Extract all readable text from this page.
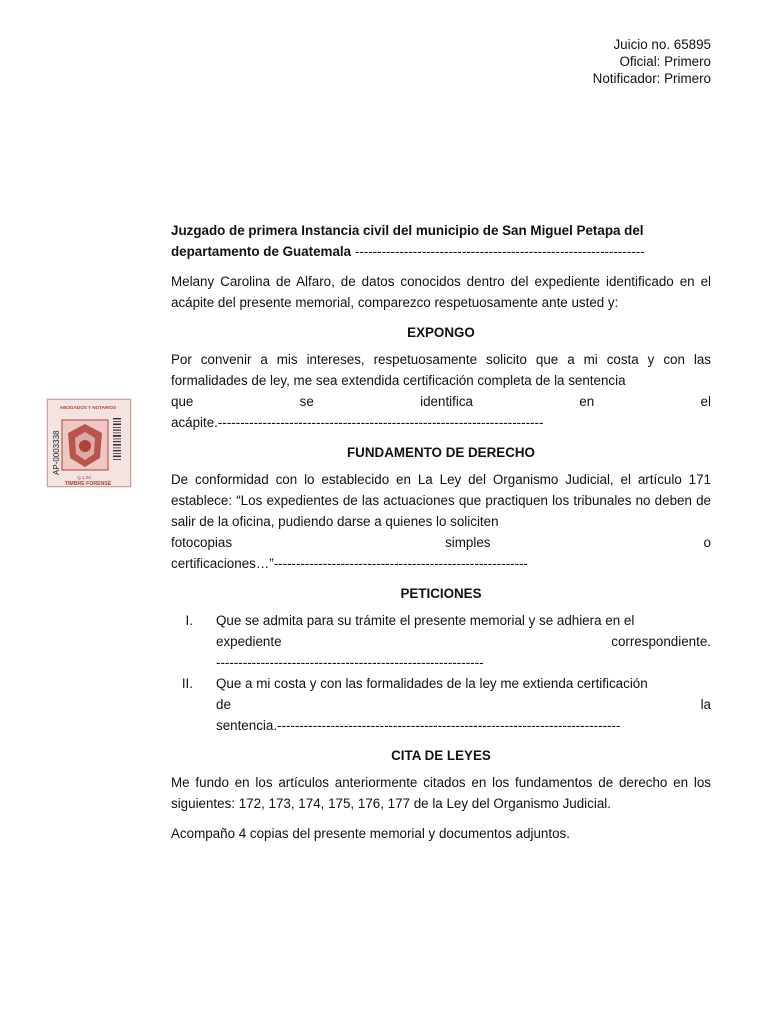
Juicio no. 65895
Oficial: Primero
Notificador: Primero
ABOGADOS Y NOTARIOS
AP-0003338
Q 1.00
TIMBRE FORENSE
Juzgado de primera Instancia civil del municipio de San Miguel Petapa del
departamento de Guatemala -----------------------------------------------------------------

Melany Carolina de Alfaro, de datos conocidos dentro del expediente identificado en el acápite del presente memorial, comparezco respetuosamente ante usted y:

EXPONGO

Por convenir a mis intereses, respetuosamente solicito que a mi costa y con las formalidades de ley, me sea extendida certificación completa de la sentencia

que	se	identifica	en	el
acápite.-------------------------------------------------------------------------

FUNDAMENTO DE DERECHO

De conformidad con lo establecido en La Ley del Organismo Judicial, el artículo 171 establece: “Los expedientes de las actuaciones que practiquen los tribunales no deben de salir de la oficina, pudiendo darse a quienes lo soliciten

fotocopias	simples	o
certificaciones…”---------------------------------------------------------

PETICIONES

I. Que se admita para su trámite el presente memorial y se adhiera en el
expediente	correspondiente.
------------------------------------------------------------
II. Que a mi costa y con las formalidades de la ley me extienda certificación
de	la
sentencia.-----------------------------------------------------------------------------

CITA DE LEYES

Me fundo en los artículos anteriormente citados en los fundamentos de derecho en los siguientes: 172, 173, 174, 175, 176, 177 de la Ley del Organismo Judicial.

Acompaño 4 copias del presente memorial y documentos adjuntos.
